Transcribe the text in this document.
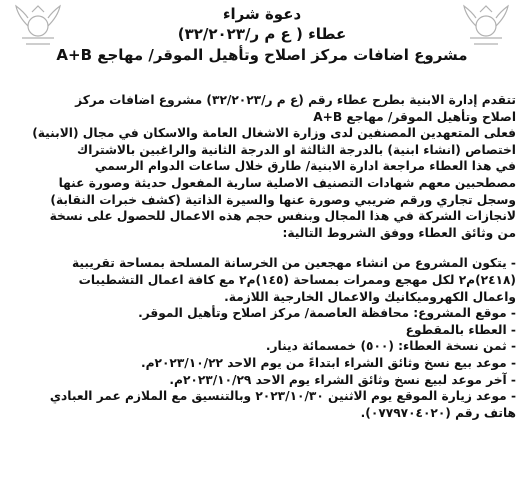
دعوة شراء

عطاء ( ع م ر/٣٢/٢٠٢٣)

مشروع اضافات مركز اصلاح وتأهيل الموقر/ مهاجع A+B

تتقدم إدارة الابنية بطرح عطاء رقم (ع م ر/٣٢/٢٠٢٣) مشروع اضافات مركز
اصلاح وتأهيل الموقر/ مهاجع A+B
فعلى المتعهدين المصنفين لدى وزارة الاشغال العامة والاسكان في مجال (الابنية)
اختصاص (انشاء ابنية) بالدرجة الثالثة او الدرجة الثانية والراغبين بالاشتراك
في هذا العطاء مراجعة ادارة الابنية/ طارق خلال ساعات الدوام الرسمي
مصطحبين معهم شهادات التصنيف الاصلية سارية المفعول حديثة وصورة عنها
وسجل تجاري ورقم ضريبي وصورة عنها والسيرة الذاتية (كشف خبرات النقابة)
لانجازات الشركة في هذا المجال وبنفس حجم هذه الاعمال للحصول على نسخة
من وثائق العطاء ووفق الشروط التالية:
- يتكون المشروع من انشاء مهجعين من الخرسانة المسلحة بمساحة تقريبية
(٢٤١٨)م٢ لكل مهجع وممرات بمساحة (١٤٥)م٢ مع كافة اعمال التشطيبات
واعمال الكهروميكانيك والاعمال الخارجية اللازمة.
- موقع المشروع: محافظة العاصمة/ مركز اصلاح وتأهيل الموقر.
- العطاء بالمقطوع
- ثمن نسخة العطاء: (٥٠٠) خمسمائة دينار.
- موعد بيع نسخ وثائق الشراء ابتداءً من يوم الاحد ٢٠٢٣/١٠/٢٢م.
- آخر موعد لبيع نسخ وثائق الشراء يوم الاحد ٢٠٢٣/١٠/٢٩م.
- موعد زيارة الموقع يوم الاثنين ٢٠٢٣/١٠/٣٠ وبالتنسيق مع الملازم عمر العبادي
هاتف رقم (٠٧٧٩٧٠٤٠٢٠).
